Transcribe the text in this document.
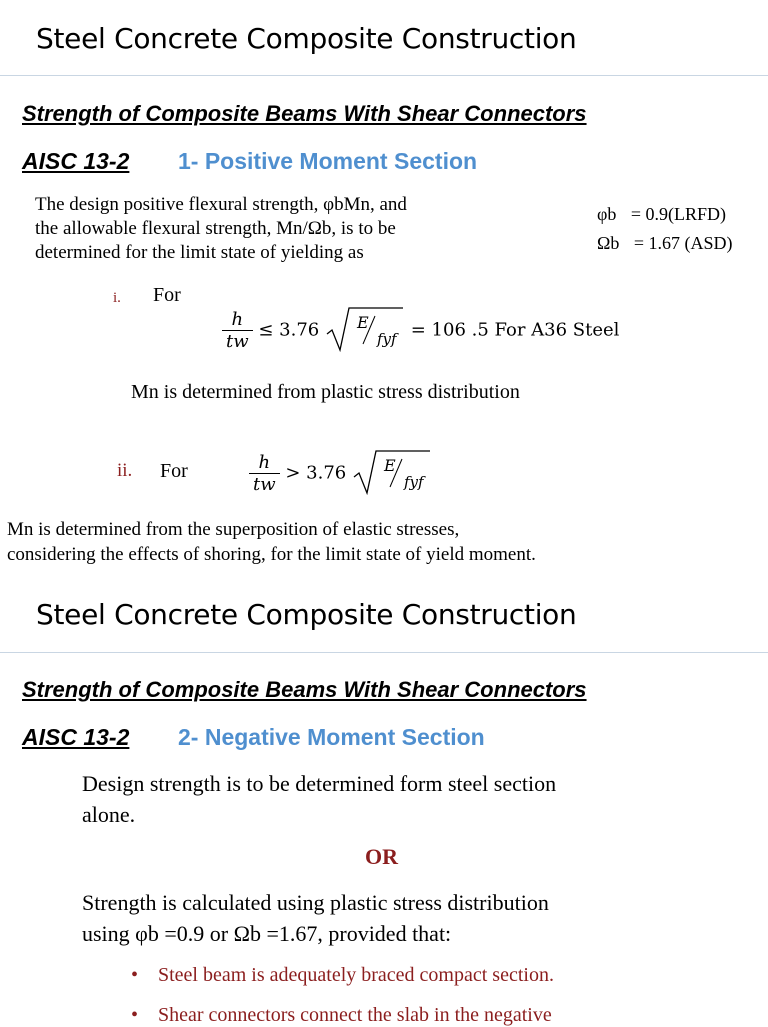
Steel Concrete Composite Construction
Strength of Composite Beams With Shear Connectors
AISC 13-2 1- Positive Moment Section
The design positive flexural strength, φbMn, and
the allowable flexural strength, Mn/Ωb, is to be
determined for the limit state of yielding as
φb = 0.9(LRFD)
Ωb = 1.67 (ASD)
i. For
$\frac{h}{tw} \le 3.76$ E
fyf = 106 .5 For A36 Steel
Mn is determined from plastic stress distribution
ii. For	$\frac{h}{tw} > 3.76$ E
fyf
Mn is determined from the superposition of elastic stresses,
considering the effects of shoring, for the limit state of yield moment.
Steel Concrete Composite Construction
Strength of Composite Beams With Shear Connectors
AISC 13-2 2- Negative Moment Section
Design strength is to be determined form steel section
alone.
OR
Strength is calculated using plastic stress distribution
using φb =0.9 or Ωb =1.67, provided that:
• Steel beam is adequately braced compact section.
• Shear connectors connect the slab in the negative
